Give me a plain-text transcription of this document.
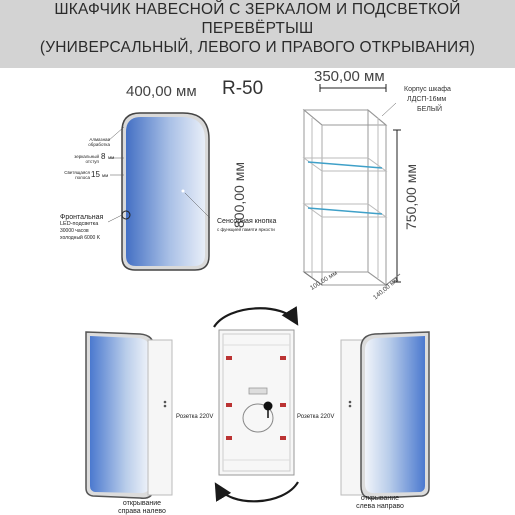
ШКАФЧИК НАВЕСНОЙ С ЗЕРКАЛОМ И ПОДСВЕТКОЙ
ПЕРЕВЁРТЫШ
(УНИВЕРСАЛЬНЫЙ, ЛЕВОГО И ПРАВОГО ОТКРЫВАНИЯ)
R-50
400,00 мм
800,00 мм
Алмазная
обработка
зеркальный
отступ
8 мм
Светящаяся
полоса 15 мм
Фронтальная
LED-подсветка
30000 часов
холодный 6000 K
Сенсорная кнопка
с функцией памяти яркости
350,00 мм
750,00 мм
Корпус шкафа
ЛДСП-16мм
БЕЛЫЙ
100,00 мм	140,00 мм
Розетка 220V	Розетка 220V
открывание
справа налево
открывание
слева направо
